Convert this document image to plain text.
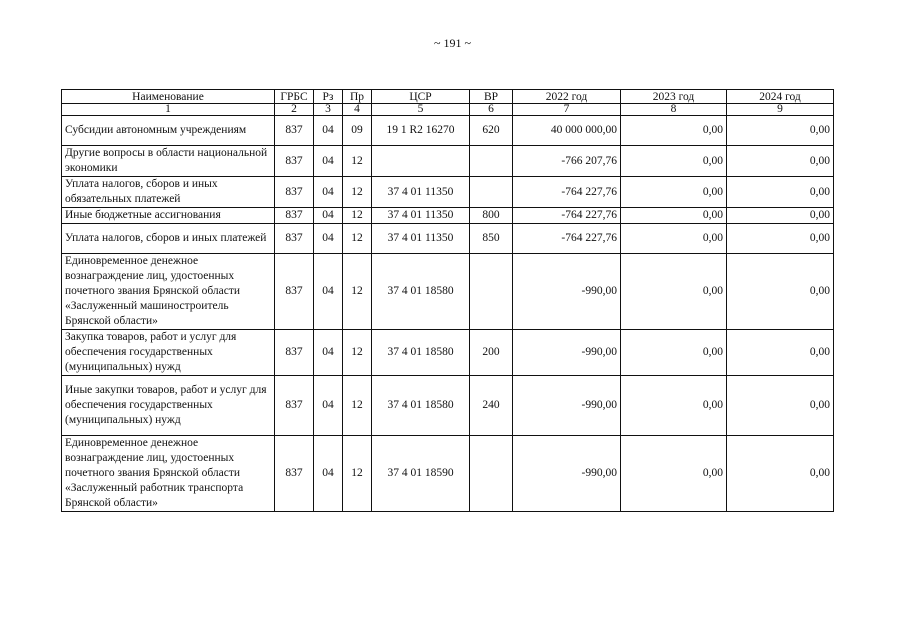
~ 191 ~
Наименование	ГРБС	Рз	Пр	ЦСР	ВР	2022 год	2023 год	2024 год
1	2	3	4	5	6	7	8	9
Субсидии автономным учреждениям	837	04	09	19 1 R2 16270	620	40 000 000,00	0,00	0,00
Другие вопросы в области национальной экономики	837	04	12			-766 207,76	0,00	0,00
Уплата налогов, сборов и иных обязательных платежей	837	04	12	37 4 01 11350		-764 227,76	0,00	0,00
Иные бюджетные ассигнования	837	04	12	37 4 01 11350	800	-764 227,76	0,00	0,00
Уплата налогов, сборов и иных платежей	837	04	12	37 4 01 11350	850	-764 227,76	0,00	0,00
Единовременное денежное вознаграждение лиц, удостоенных почетного звания Брянской области «Заслуженный машиностроитель Брянской области»	837	04	12	37 4 01 18580		-990,00	0,00	0,00
Закупка товаров, работ и услуг для обеспечения государственных (муниципальных) нужд	837	04	12	37 4 01 18580	200	-990,00	0,00	0,00
Иные закупки товаров, работ и услуг для обеспечения государственных (муниципальных) нужд	837	04	12	37 4 01 18580	240	-990,00	0,00	0,00
Единовременное денежное вознаграждение лиц, удостоенных почетного звания Брянской области «Заслуженный работник транспорта Брянской области»	837	04	12	37 4 01 18590		-990,00	0,00	0,00
